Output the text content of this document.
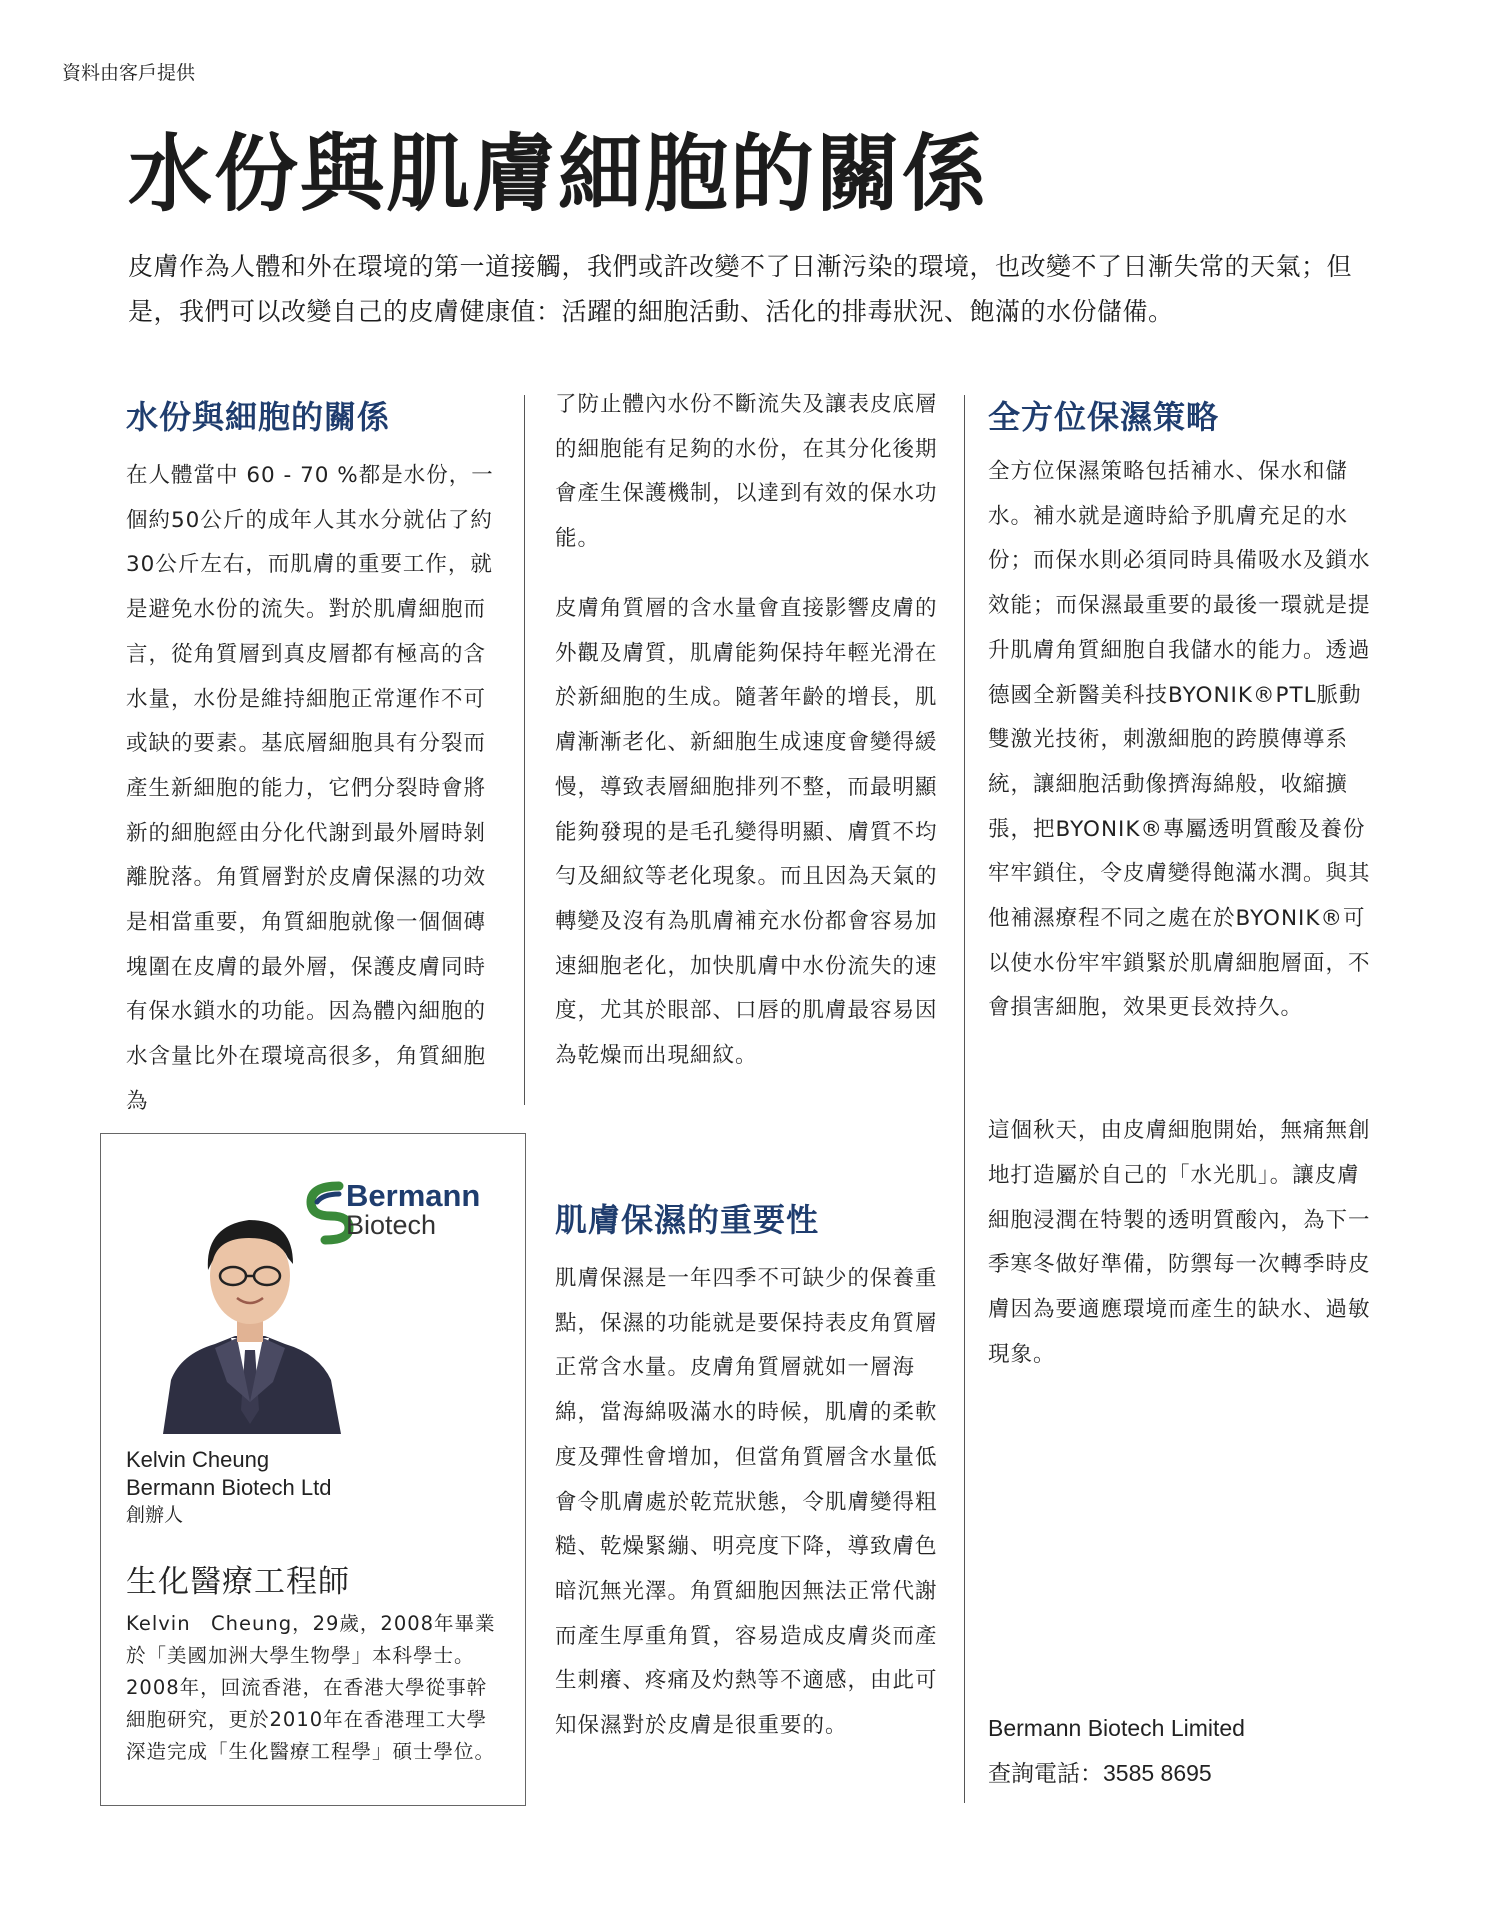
資料由客戶提供
水份與肌膚細胞的關係

皮膚作為人體和外在環境的第一道接觸，我們或許改變不了日漸污染的環境，也改變不了日漸失常的天氣；但是，我們可以改變自己的皮膚健康值：活躍的細胞活動、活化的排毒狀況、飽滿的水份儲備。

水份與細胞的關係

在人體當中 60 - 70 %都是水份，一個約50公斤的成年人其水分就佔了約30公斤左右，而肌膚的重要工作，就是避免水份的流失。對於肌膚細胞而言，從角質層到真皮層都有極高的含水量，水份是維持細胞正常運作不可或缺的要素。基底層細胞具有分裂而產生新細胞的能力，它們分裂時會將新的細胞經由分化代謝到最外層時剝離脫落。角質層對於皮膚保濕的功效是相當重要，角質細胞就像一個個磚塊圍在皮膚的最外層，保護皮膚同時有保水鎖水的功能。因為體內細胞的水含量比外在環境高很多，角質細胞為

了防止體內水份不斷流失及讓表皮底層的細胞能有足夠的水份，在其分化後期會產生保護機制，以達到有效的保水功能。

皮膚角質層的含水量會直接影響皮膚的外觀及膚質，肌膚能夠保持年輕光滑在於新細胞的生成。隨著年齡的增長，肌膚漸漸老化、新細胞生成速度會變得緩慢，導致表層細胞排列不整，而最明顯能夠發現的是毛孔變得明顯、膚質不均勻及細紋等老化現象。而且因為天氣的轉變及沒有為肌膚補充水份都會容易加速細胞老化，加快肌膚中水份流失的速度，尤其於眼部、口唇的肌膚最容易因為乾燥而出現細紋。

肌膚保濕的重要性

肌膚保濕是一年四季不可缺少的保養重點，保濕的功能就是要保持表皮角質層正常含水量。皮膚角質層就如一層海綿，當海綿吸滿水的時候，肌膚的柔軟度及彈性會增加，但當角質層含水量低會令肌膚處於乾荒狀態，令肌膚變得粗糙、乾燥緊繃、明亮度下降，導致膚色暗沉無光澤。角質細胞因無法正常代謝而產生厚重角質，容易造成皮膚炎而產生刺癢、疼痛及灼熱等不適感，由此可知保濕對於皮膚是很重要的。

全方位保濕策略

全方位保濕策略包括補水、保水和儲水。補水就是適時給予肌膚充足的水份；而保水則必須同時具備吸水及鎖水效能；而保濕最重要的最後一環就是提升肌膚角質細胞自我儲水的能力。透過德國全新醫美科技BYONIK®PTL脈動雙激光技術，刺激細胞的跨膜傳導系統，讓細胞活動像擠海綿般，收縮擴張，把BYONIK®專屬透明質酸及養份牢牢鎖住，令皮膚變得飽滿水潤。與其他補濕療程不同之處在於BYONIK®可以使水份牢牢鎖緊於肌膚細胞層面，不會損害細胞，效果更長效持久。

這個秋天，由皮膚細胞開始，無痛無創地打造屬於自己的「水光肌」。讓皮膚細胞浸潤在特製的透明質酸內，為下一季寒冬做好準備，防禦每一次轉季時皮膚因為要適應環境而產生的缺水、過敏現象。

Bermann
Biotech
Kelvin Cheung
Bermann Biotech Ltd
創辦人
生化醫療工程師

Kelvin　Cheung，29歲，2008年畢業於「美國加洲大學生物學」本科學士。2008年，回流香港，在香港大學從事幹細胞研究，更於2010年在香港理工大學深造完成「生化醫療工程學」碩士學位。

Bermann Biotech Limited
查詢電話：3585 8695
